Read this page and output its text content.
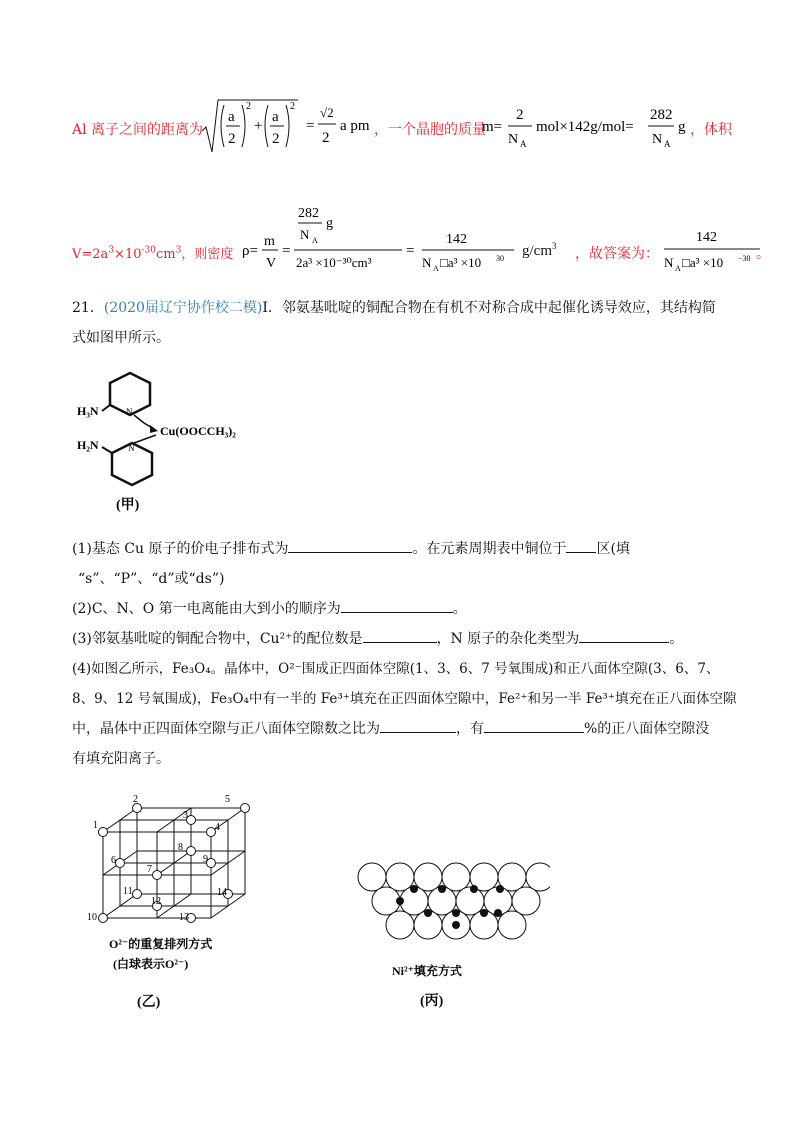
Al 离子之间的距离为
a
2
2
+
a
2
2
=
√2
2
a pm ，一个晶胞的质量
m=
2
N A
mol×142g/mol=
282
N A
g ，体积
$V=2a^3\times 10^{-30}cm^3$，则密度 ρ=
m
V
=
282
g
N A
2a³ ×10⁻³⁰cm³
=
142
N A □a³ ×10 30 $g/cm^3$ ，故答案为：
142
N A □a³ ×10 −30 。
21．(2020届辽宁协作校二模)Ⅰ．邻氨基吡啶的铜配合物在有机不对称合成中起催化诱导效应，其结构简
式如图甲所示。
H₃N	N
Cu(OOCCH₃)₂
N
H₂N
(甲)
(1)基态 Cu 原子的价电子排布式为	。在元素周期表中铜位于 区(填
“s”、“P”、“d”或“ds”)
(2)C、N、O 第一电离能由大到小的顺序为	。
(3)邻氨基吡啶的铜配合物中，Cu²⁺的配位数是	，N 原子的杂化类型为	。
(4)如图乙所示，Fe₃O₄。晶体中，O²⁻围成正四面体空隙(1、3、6、7 号氧围成)和正八面体空隙(3、6、7、
8、9、12 号氧围成)，Fe₃O₄中有一半的 Fe³⁺填充在正四面体空隙中，Fe²⁺和另一半 Fe³⁺填充在正八面体空隙
中，晶体中正四面体空隙与正八面体空隙数之比为	，有	%的正八面体空隙没
有填充阳离子。
1
2
3
4
5
6
7
8
9
10
11
12
13
14
O²⁻的重复排列方式
(白球表示O²⁻)
(乙)
Ni²⁺填充方式
(丙)
